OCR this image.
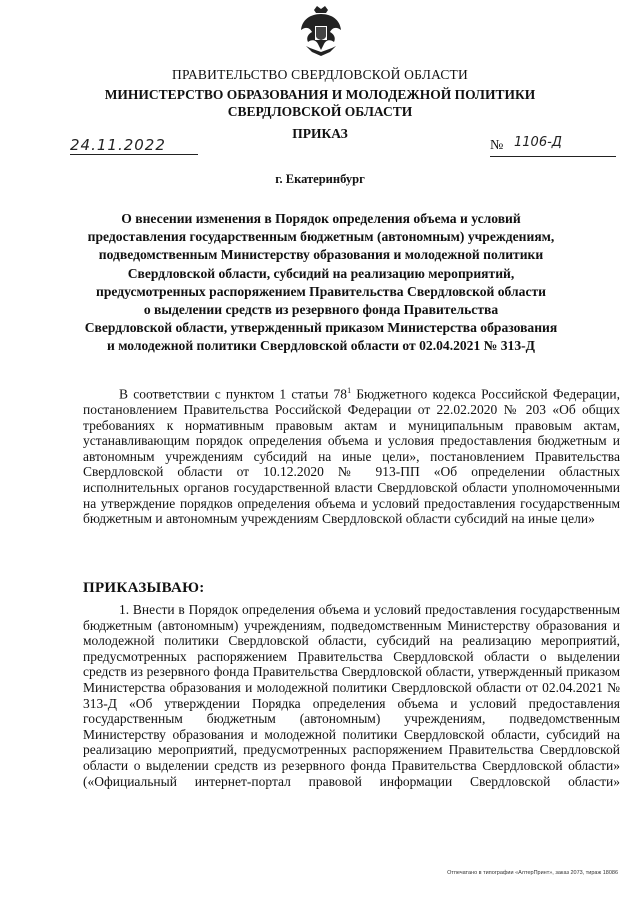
ПРАВИТЕЛЬСТВО СВЕРДЛОВСКОЙ ОБЛАСТИ
МИНИСТЕРСТВО ОБРАЗОВАНИЯ И МОЛОДЕЖНОЙ ПОЛИТИКИ
СВЕРДЛОВСКОЙ ОБЛАСТИ
ПРИКАЗ
24.11.2022	№ 1106-Д
г. Екатеринбург
О внесении изменения в Порядок определения объема и условий
предоставления государственным бюджетным (автономным) учреждениям,
подведомственным Министерству образования и молодежной политики
Свердловской области, субсидий на реализацию мероприятий,
предусмотренных распоряжением Правительства Свердловской области
о выделении средств из резервного фонда Правительства
Свердловской области, утвержденный приказом Министерства образования
и молодежной политики Свердловской области от 02.04.2021 № 313-Д
В соответствии с пунктом 1 статьи $78^1$ Бюджетного кодекса Российской Федерации, постановлением Правительства Российской Федерации от 22.02.2020 № 203 «Об общих требованиях к нормативным правовым актам и муниципальным правовым актам, устанавливающим порядок определения объема и условия предоставления бюджетным и автономным учреждениям субсидий на иные цели», постановлением Правительства Свердловской области от 10.12.2020 № 913-ПП «Об определении областных исполнительных органов государственной власти Свердловской области уполномоченными на утверждение порядков определения объема и условий предоставления государственным бюджетным и автономным учреждениям Свердловской области субсидий на иные цели»
ПРИКАЗЫВАЮ:
1. Внести в Порядок определения объема и условий предоставления государственным бюджетным (автономным) учреждениям, подведомственным Министерству образования и молодежной политики Свердловской области, субсидий на реализацию мероприятий, предусмотренных распоряжением Правительства Свердловской области о выделении средств из резервного фонда Правительства Свердловской области, утвержденный приказом Министерства образования и молодежной политики Свердловской области от 02.04.2021 № 313-Д «Об утверждении Порядка определения объема и условий предоставления государственным бюджетным (автономным) учреждениям, подведомственным Министерству образования и молодежной политики Свердловской области, субсидий на реализацию мероприятий, предусмотренных распоряжением Правительства Свердловской области о выделении средств из резервного фонда Правительства Свердловской области» («Официальный интернет-портал правовой информации Свердловской области»
Отпечатано в типографии «АлтерПринт», заказ 2073, тираж 18086
